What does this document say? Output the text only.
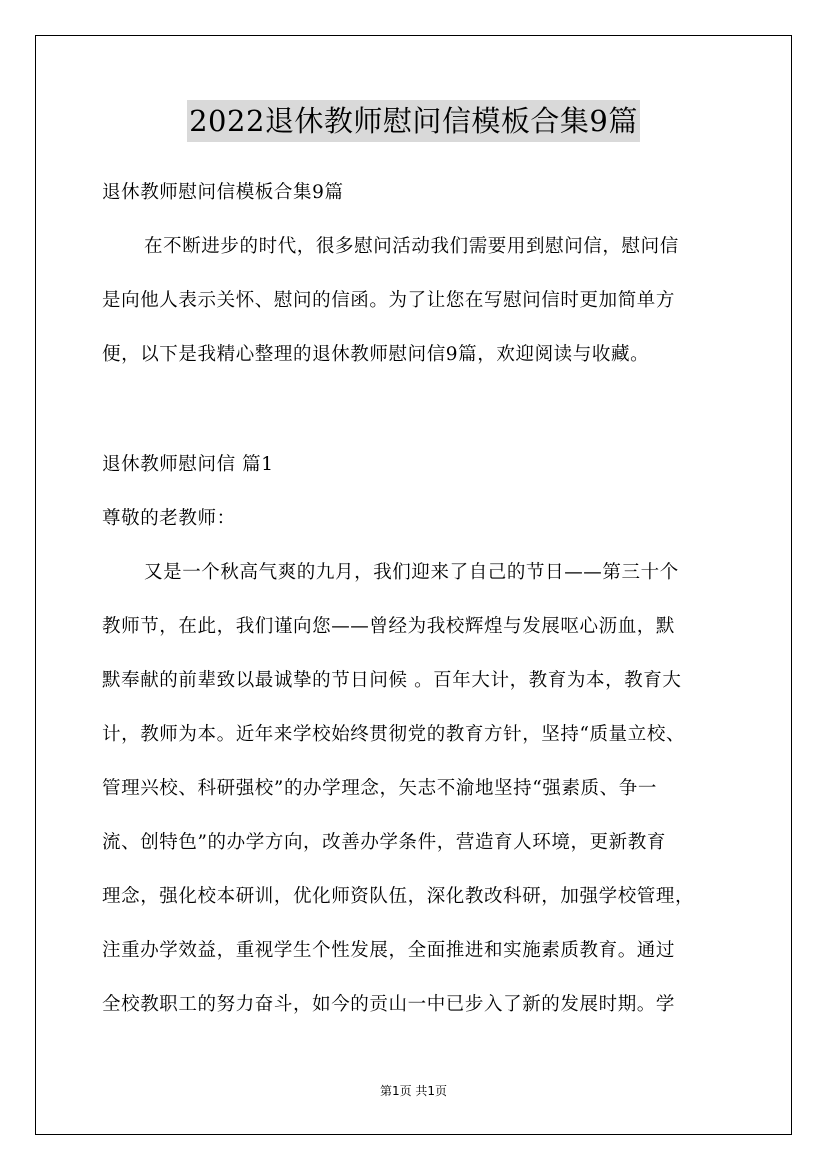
2022退休教师慰问信模板合集9篇
退休教师慰问信模板合集9篇
在不断进步的时代，很多慰问活动我们需要用到慰问信，慰问信
是向他人表示关怀、慰问的信函。为了让您在写慰问信时更加简单方
便，以下是我精心整理的退休教师慰问信9篇，欢迎阅读与收藏。
退休教师慰问信 篇1
尊敬的老教师：
又是一个秋高气爽的九月，我们迎来了自己的节日——第三十个
教师节，在此，我们谨向您——曾经为我校辉煌与发展呕心沥血，默
默奉献的前辈致以最诚挚的节日问候 。百年大计，教育为本，教育大
计，教师为本。近年来学校始终贯彻党的教育方针，坚持“质量立校、
管理兴校、科研强校”的办学理念，矢志不渝地坚持“强素质、争一
流、创特色”的办学方向，改善办学条件，营造育人环境，更新教育
理念，强化校本研训，优化师资队伍，深化教改科研，加强学校管理，
注重办学效益，重视学生个性发展，全面推进和实施素质教育。通过
全校教职工的努力奋斗，如今的贡山一中已步入了新的发展时期。学
第1页 共1页
